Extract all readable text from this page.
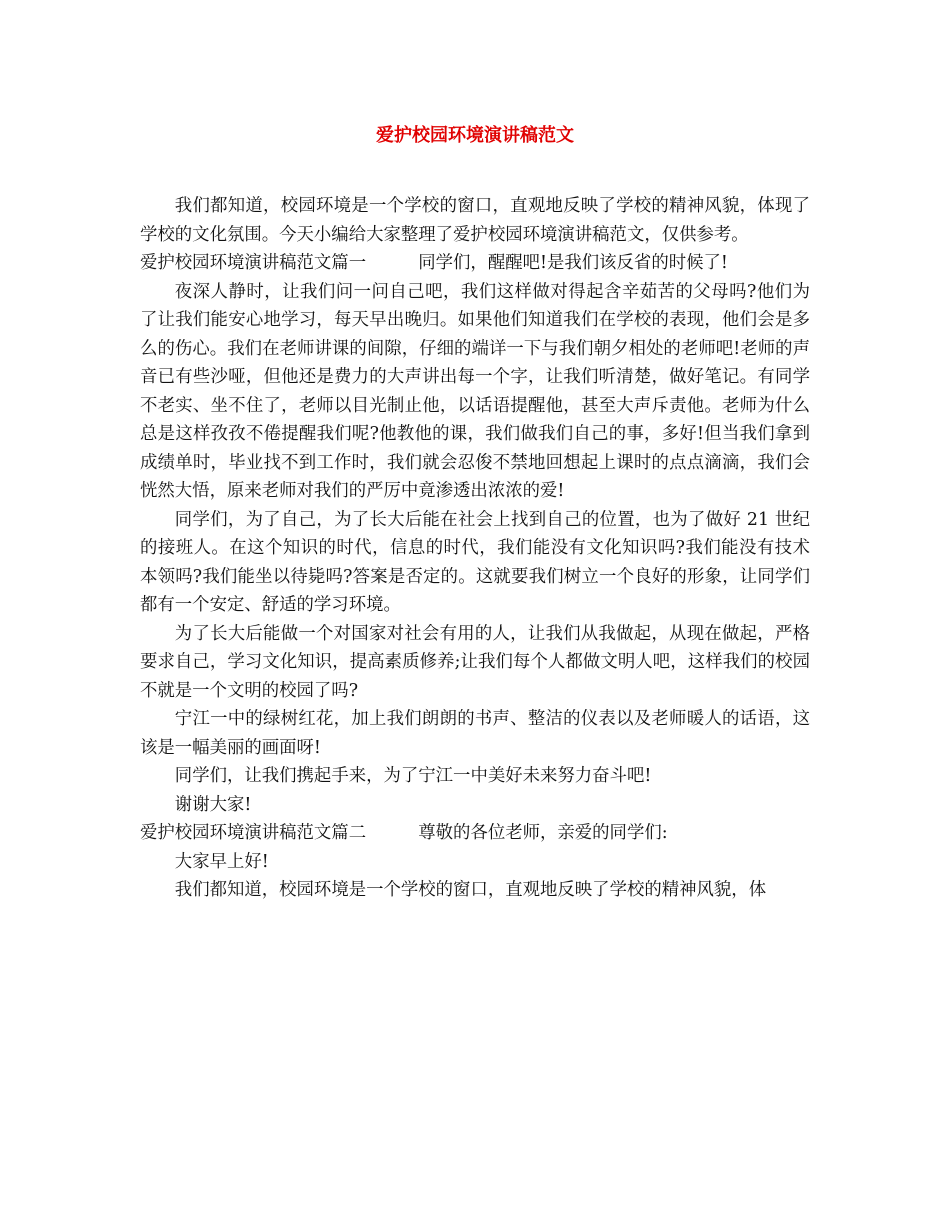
爱护校园环境演讲稿范文

我们都知道，校园环境是一个学校的窗口，直观地反映了学校的精神风貌，体现了学校的文化氛围。今天小编给大家整理了爱护校园环境演讲稿范文，仅供参考。

爱护校园环境演讲稿范文篇一　　　同学们，醒醒吧!是我们该反省的时候了!

夜深人静时，让我们问一问自己吧，我们这样做对得起含辛茹苦的父母吗?他们为了让我们能安心地学习，每天早出晚归。如果他们知道我们在学校的表现，他们会是多么的伤心。我们在老师讲课的间隙，仔细的端详一下与我们朝夕相处的老师吧!老师的声音已有些沙哑，但他还是费力的大声讲出每一个字，让我们听清楚，做好笔记。有同学不老实、坐不住了，老师以目光制止他，以话语提醒他，甚至大声斥责他。老师为什么总是这样孜孜不倦提醒我们呢?他教他的课，我们做我们自己的事，多好!但当我们拿到成绩单时，毕业找不到工作时，我们就会忍俊不禁地回想起上课时的点点滴滴，我们会恍然大悟，原来老师对我们的严厉中竟渗透出浓浓的爱!

同学们，为了自己，为了长大后能在社会上找到自己的位置，也为了做好 21 世纪的接班人。在这个知识的时代，信息的时代，我们能没有文化知识吗?我们能没有技术本领吗?我们能坐以待毙吗?答案是否定的。这就要我们树立一个良好的形象，让同学们都有一个安定、舒适的学习环境。

为了长大后能做一个对国家对社会有用的人，让我们从我做起，从现在做起，严格要求自己，学习文化知识，提高素质修养;让我们每个人都做文明人吧，这样我们的校园不就是一个文明的校园了吗?

宁江一中的绿树红花，加上我们朗朗的书声、整洁的仪表以及老师暖人的话语，这该是一幅美丽的画面呀!

同学们，让我们携起手来，为了宁江一中美好未来努力奋斗吧!

谢谢大家!

爱护校园环境演讲稿范文篇二　　　尊敬的各位老师，亲爱的同学们:

大家早上好!

我们都知道，校园环境是一个学校的窗口，直观地反映了学校的精神风貌，体
